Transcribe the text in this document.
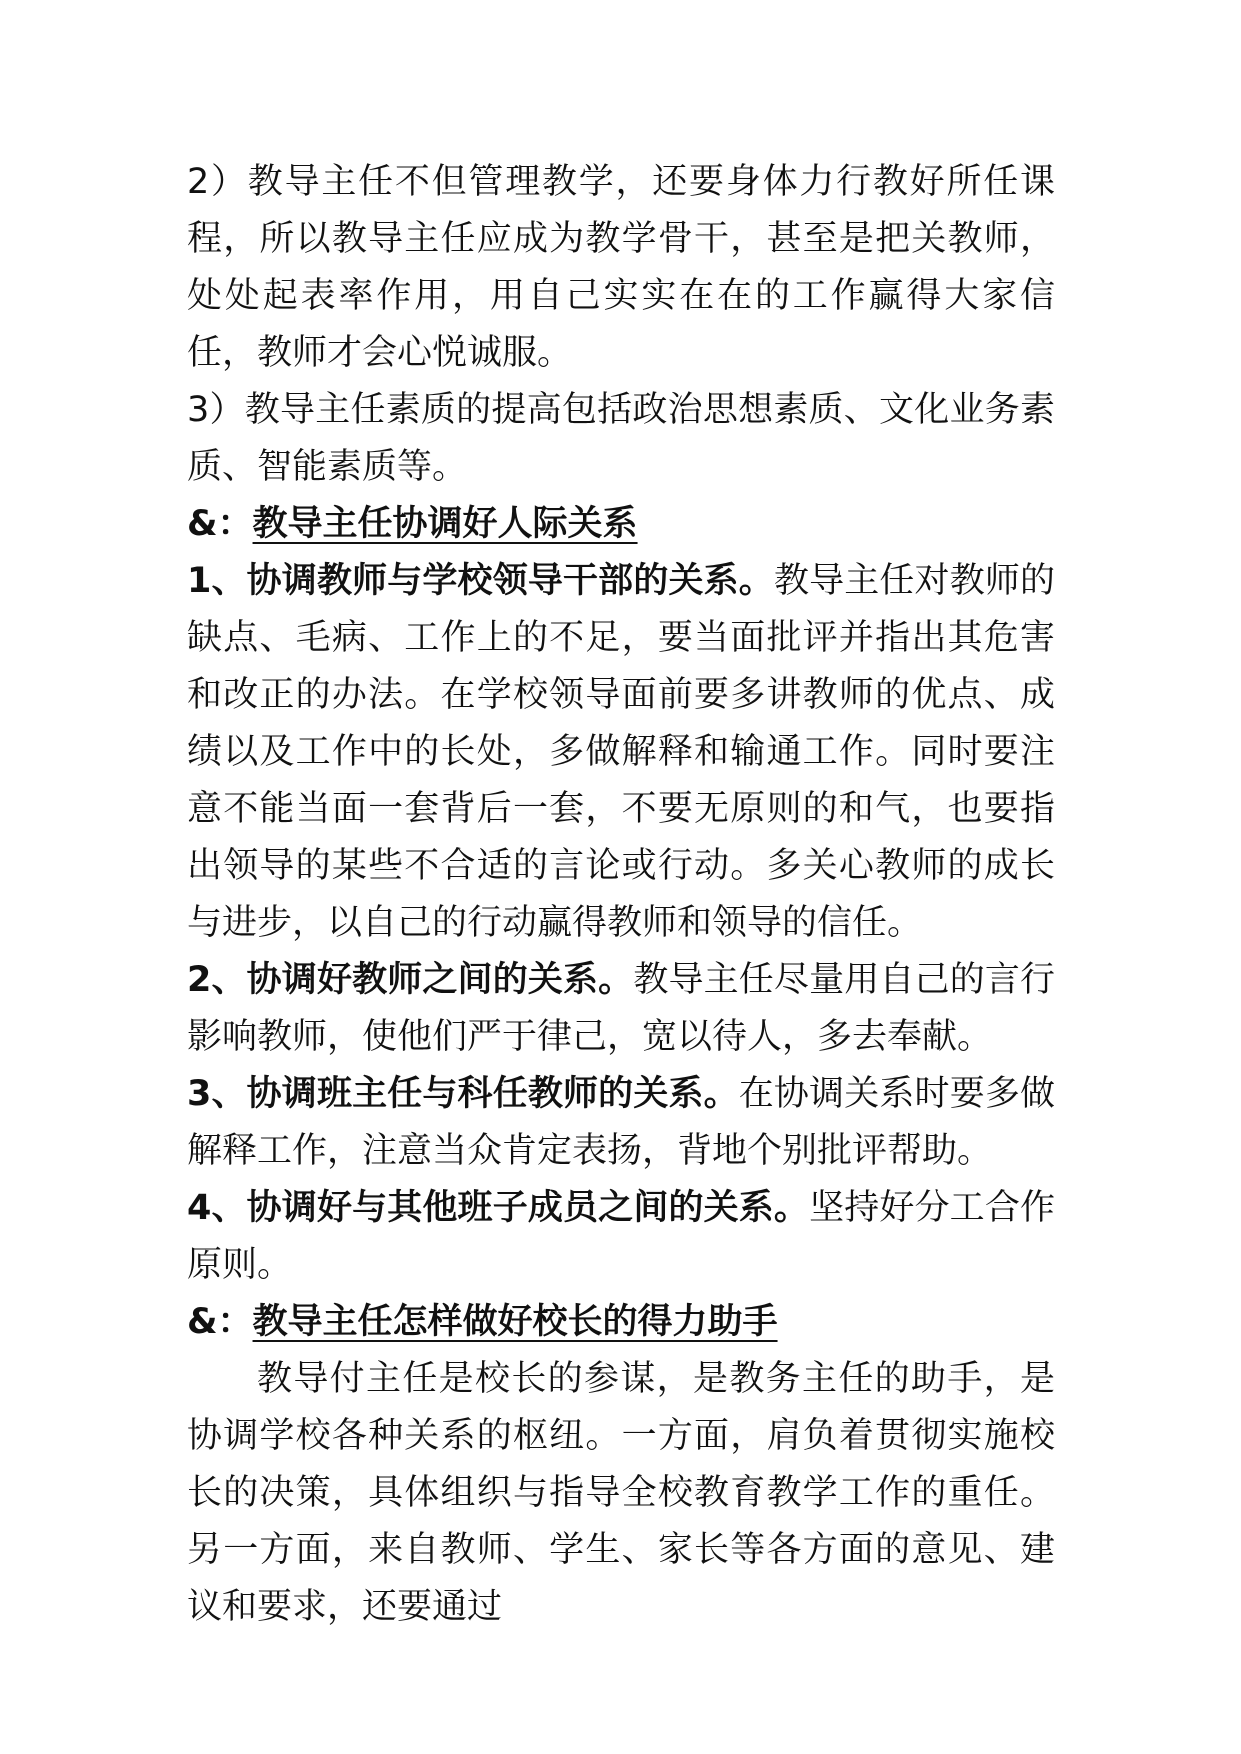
2）教导主任不但管理教学，还要身体力行教好所任课程，所以教导主任应成为教学骨干，甚至是把关教师，处处起表率作用，用自己实实在在的工作赢得大家信任，教师才会心悦诚服。

3）教导主任素质的提高包括政治思想素质、文化业务素质、智能素质等。

&：教导主任协调好人际关系

1、协调教师与学校领导干部的关系。教导主任对教师的缺点、毛病、工作上的不足，要当面批评并指出其危害和改正的办法。在学校领导面前要多讲教师的优点、成绩以及工作中的长处，多做解释和输通工作。同时要注意不能当面一套背后一套，不要无原则的和气，也要指出领导的某些不合适的言论或行动。多关心教师的成长与进步，以自己的行动赢得教师和领导的信任。

2、协调好教师之间的关系。教导主任尽量用自己的言行影响教师，使他们严于律己，宽以待人，多去奉献。

3、协调班主任与科任教师的关系。在协调关系时要多做解释工作，注意当众肯定表扬，背地个别批评帮助。

4、协调好与其他班子成员之间的关系。坚持好分工合作原则。

&：教导主任怎样做好校长的得力助手

教导付主任是校长的参谋，是教务主任的助手，是协调学校各种关系的枢纽。一方面，肩负着贯彻实施校长的决策，具体组织与指导全校教育教学工作的重任。另一方面，来自教师、学生、家长等各方面的意见、建议和要求，还要通过
